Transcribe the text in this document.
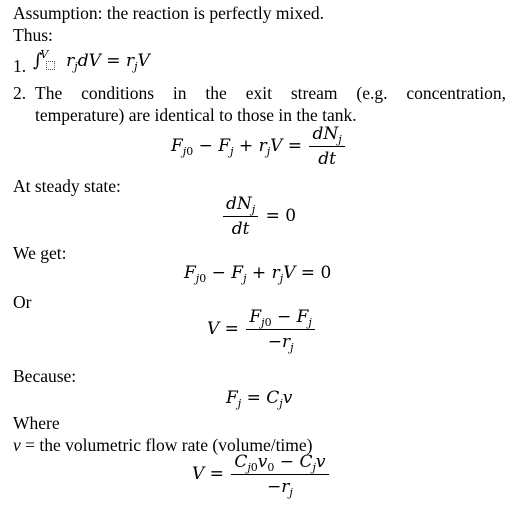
Assumption: the reaction is perfectly mixed.
Thus:
1. ∫$^V$  $r_jdV = r_jV$
2. The conditions in the exit stream (e.g. concentration,
temperature) are identical to those in the tank.
$F_{j0} - F_j + r_jV = \frac{dN_j}{dt}$
At steady state:
$\frac{dN_j}{dt} = 0$
We get:
$F_{j0} - F_j + r_jV = 0$
Or
$V = \frac{F_{j0} - F_j}{-r_j}$
Because:
$F_j = C_jv$
Where
v = the volumetric flow rate (volume/time)
$V = \frac{C_{j0}v_0 - C_jv}{-r_j}$
